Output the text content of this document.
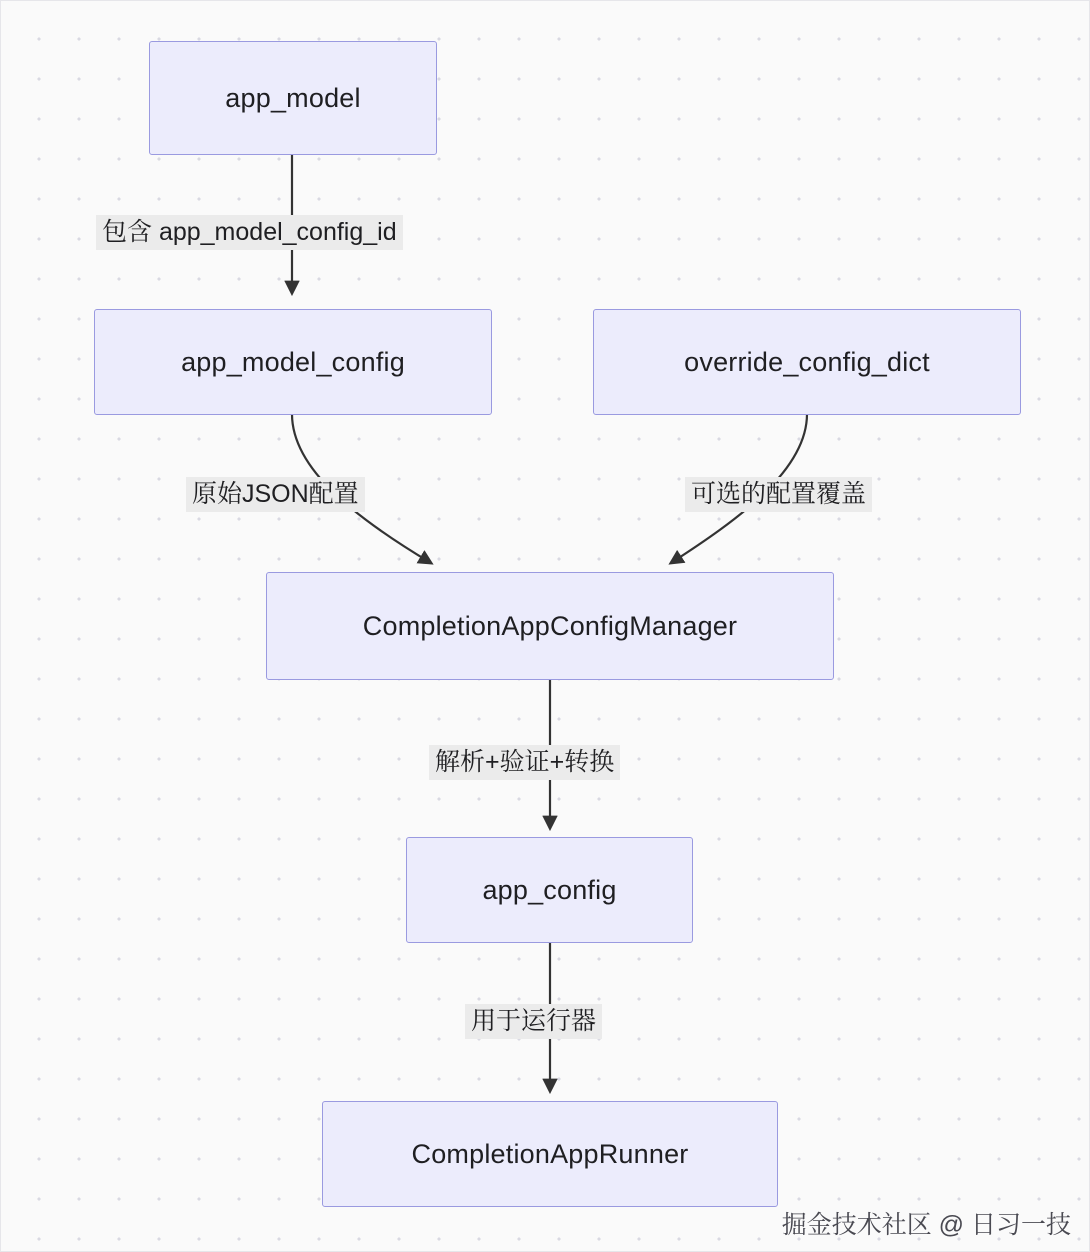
app_model
app_model_config	override_config_dict
CompletionAppConfigManager
app_config
CompletionAppRunner
包含 app_model_config_id
原始JSON配置	可选的配置覆盖
解析+验证+转换
用于运行器
掘金技术社区 @ 日习一技
